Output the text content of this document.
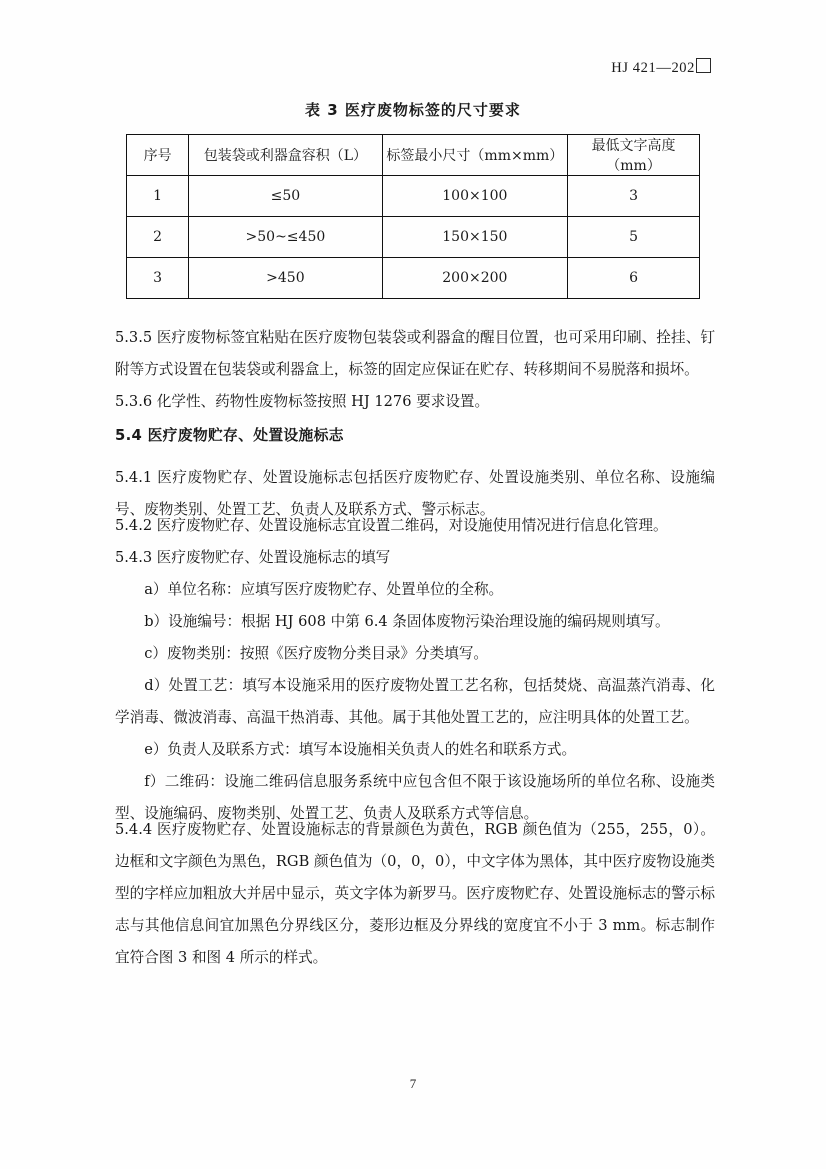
HJ 421—202
表 3 医疗废物标签的尺寸要求
序号	包装袋或利器盒容积（L）	标签最小尺寸（mm×mm）	最低文字高度（mm）
1	≤50	100×100	3
2	>50~≤450	150×150	5
3	>450	200×200	6

5.3.5 医疗废物标签宜粘贴在医疗废物包装袋或利器盒的醒目位置，也可采用印刷、拴挂、钉附等方式设置在包装袋或利器盒上，标签的固定应保证在贮存、转移期间不易脱落和损坏。

5.3.6 化学性、药物性废物标签按照 HJ 1276 要求设置。

5.4 医疗废物贮存、处置设施标志

5.4.1 医疗废物贮存、处置设施标志包括医疗废物贮存、处置设施类别、单位名称、设施编号、废物类别、处置工艺、负责人及联系方式、警示标志。

5.4.2 医疗废物贮存、处置设施标志宜设置二维码，对设施使用情况进行信息化管理。

5.4.3 医疗废物贮存、处置设施标志的填写

a）单位名称：应填写医疗废物贮存、处置单位的全称。

b）设施编号：根据 HJ 608 中第 6.4 条固体废物污染治理设施的编码规则填写。

c）废物类别：按照《医疗废物分类目录》分类填写。

d）处置工艺：填写本设施采用的医疗废物处置工艺名称，包括焚烧、高温蒸汽消毒、化学消毒、微波消毒、高温干热消毒、其他。属于其他处置工艺的，应注明具体的处置工艺。

e）负责人及联系方式：填写本设施相关负责人的姓名和联系方式。

f）二维码：设施二维码信息服务系统中应包含但不限于该设施场所的单位名称、设施类型、设施编码、废物类别、处置工艺、负责人及联系方式等信息。

5.4.4 医疗废物贮存、处置设施标志的背景颜色为黄色，RGB 颜色值为（255，255，0）。边框和文字颜色为黑色，RGB 颜色值为（0，0，0），中文字体为黑体，其中医疗废物设施类型的字样应加粗放大并居中显示，英文字体为新罗马。医疗废物贮存、处置设施标志的警示标志与其他信息间宜加黑色分界线区分，菱形边框及分界线的宽度宜不小于 3 mm。标志制作宜符合图 3 和图 4 所示的样式。

7
